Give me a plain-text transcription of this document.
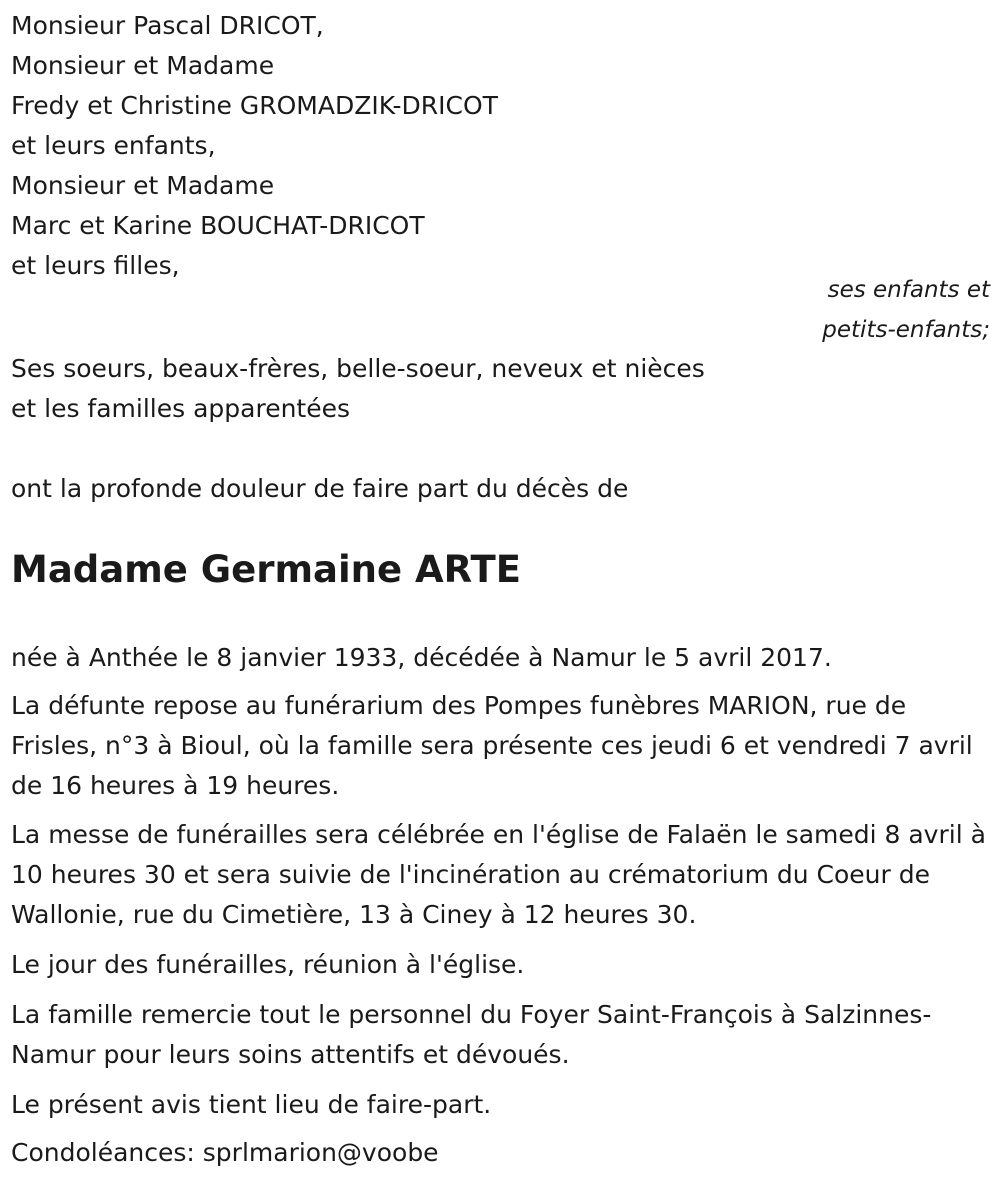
Monsieur Pascal DRICOT,
Monsieur et Madame
Fredy et Christine GROMADZIK-DRICOT
et leurs enfants,
Monsieur et Madame
Marc et Karine BOUCHAT-DRICOT
et leurs filles,
ses enfants et
petits-enfants;
Ses soeurs, beaux-frères, belle-soeur, neveux et nièces
et les familles apparentées
ont la profonde douleur de faire part du décès de
Madame Germaine ARTE

née à Anthée le 8 janvier 1933, décédée à Namur le 5 avril 2017.

La défunte repose au funérarium des Pompes funèbres MARION, rue de Frisles, n°3 à Bioul, où la famille sera présente ces jeudi 6 et vendredi 7 avril de 16 heures à 19 heures.

La messe de funérailles sera célébrée en l'église de Falaën le samedi 8 avril à 10 heures 30 et sera suivie de l'incinération au crématorium du Coeur de Wallonie, rue du Cimetière, 13 à Ciney à 12 heures 30.

Le jour des funérailles, réunion à l'église.

La famille remercie tout le personnel du Foyer Saint-François à Salzinnes-Namur pour leurs soins attentifs et dévoués.

Le présent avis tient lieu de faire-part.

Condoléances: sprlmarion@voobe
